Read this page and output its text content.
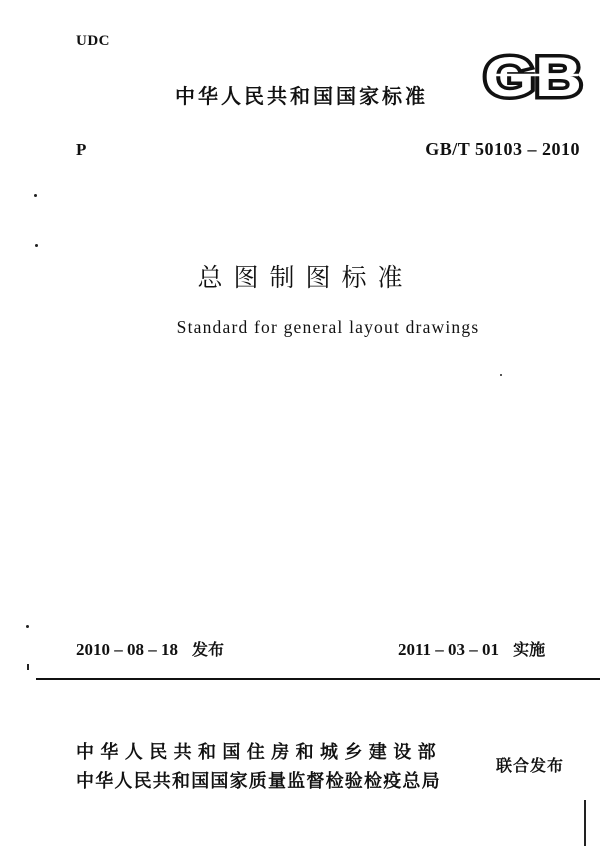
UDC
中华人民共和国国家标准 GB
P	GB/T 50103 – 2010
总图制图标准
Standard for general layout drawings
2010 – 08 – 18 发布	2011 – 03 – 01 实施
中华人民共和国住房和城乡建设部
中华人民共和国国家质量监督检验检疫总局
联合发布
